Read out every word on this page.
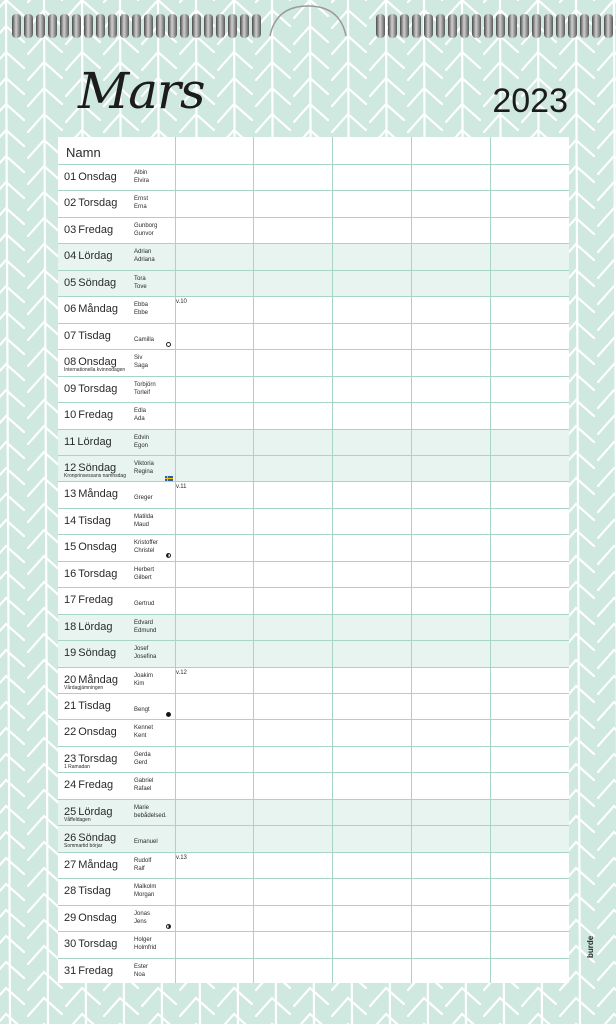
Mars	2023
Namn
01 Onsdag	Albin
Elvira
02 Torsdag	Ernst
Erna
03 Fredag	Gunborg
Gunvor
04 Lördag	Adrian
Adriana
05 Söndag	Tora
Tove
06 Måndag	Ebba
Ebbe
v.10
07 Tisdag	Camilla
08 Onsdag
Internationella kvinnodagen
Siv
Saga
09 Torsdag	Torbjörn
Torleif
10 Fredag	Edla
Ada
11 Lördag	Edvin
Egon
12 Söndag
Kronprinsessans namnsdag
Viktoria
Regina
13 Måndag	Greger
v.11
14 Tisdag	Matilda
Maud
15 Onsdag	Kristoffer
Christel
16 Torsdag	Herbert
Gilbert
17 Fredag	Gertrud
18 Lördag	Edvard
Edmund
19 Söndag	Josef
Josefina
20 Måndag
Vårdagjämningen
Joakim
Kim
v.12
21 Tisdag	Bengt
22 Onsdag	Kennet
Kent
23 Torsdag
1 Ramadan
Gerda
Gerd
24 Fredag	Gabriel
Rafael
25 Lördag
Våffeldagen
Marie
bebådelsed.
26 Söndag
Sommartid börjar
Emanuel
27 Måndag	Rudolf
Ralf
v.13
28 Tisdag	Malkolm
Morgan
29 Onsdag	Jonas
Jens
30 Torsdag	Holger
Holmfrid
31 Fredag	Ester
Noa
burde
